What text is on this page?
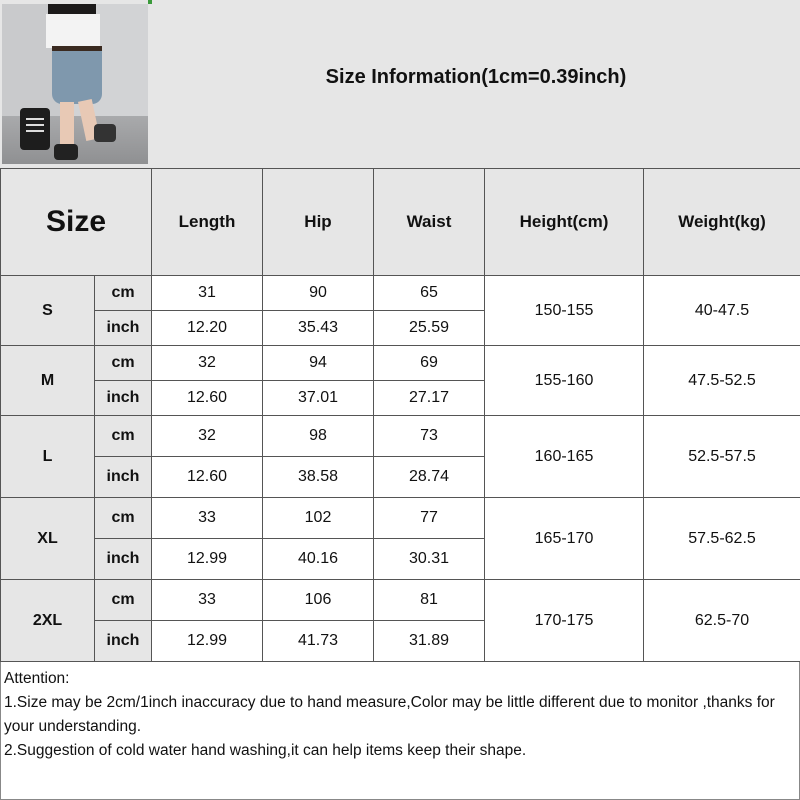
Size Information(1cm=0.39inch)
Size		Length	Hip	Waist	Height(cm)	Weight(kg)
S	cm	31	90	65	150-155	40-47.5
	inch	12.20	35.43	25.59		
M	cm	32	94	69	155-160	47.5-52.5
	inch	12.60	37.01	27.17		
L	cm	32	98	73	160-165	52.5-57.5
	inch	12.60	38.58	28.74		
XL	cm	33	102	77	165-170	57.5-62.5
	inch	12.99	40.16	30.31		
2XL	cm	33	106	81	170-175	62.5-70
	inch	12.99	41.73	31.89		
Attention:
1.Size may be 2cm/1inch inaccuracy due to hand measure,Color may be little different due to monitor ,thanks for your understanding.
2.Suggestion of cold water hand washing,it can help items keep their shape.
